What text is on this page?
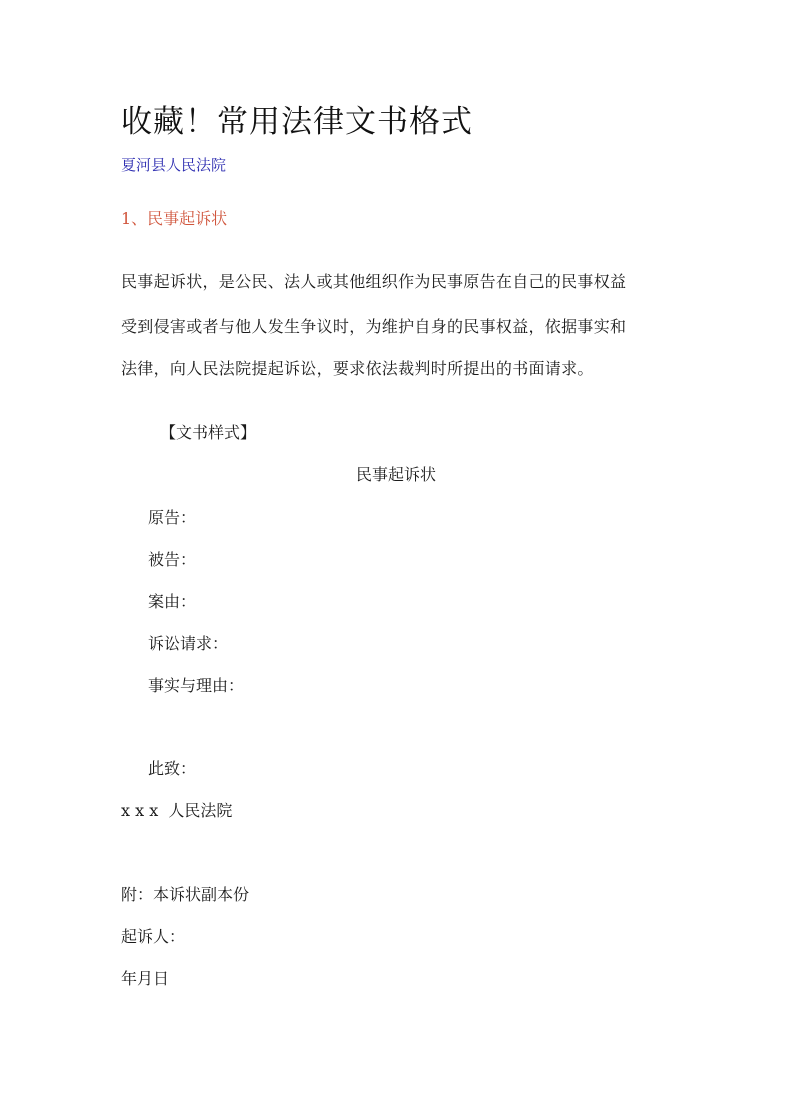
收藏！常用法律文书格式
夏河县人民法院
1、民事起诉状
民事起诉状，是公民、法人或其他组织作为民事原告在自己的民事权益
受到侵害或者与他人发生争议时，为维护自身的民事权益，依据事实和
法律，向人民法院提起诉讼，要求依法裁判时所提出的书面请求。
【文书样式】
民事起诉状
原告：
被告：
案由：
诉讼请求：
事实与理由：
此致：
x x x  人民法院
附：本诉状副本份
起诉人：
年月日
